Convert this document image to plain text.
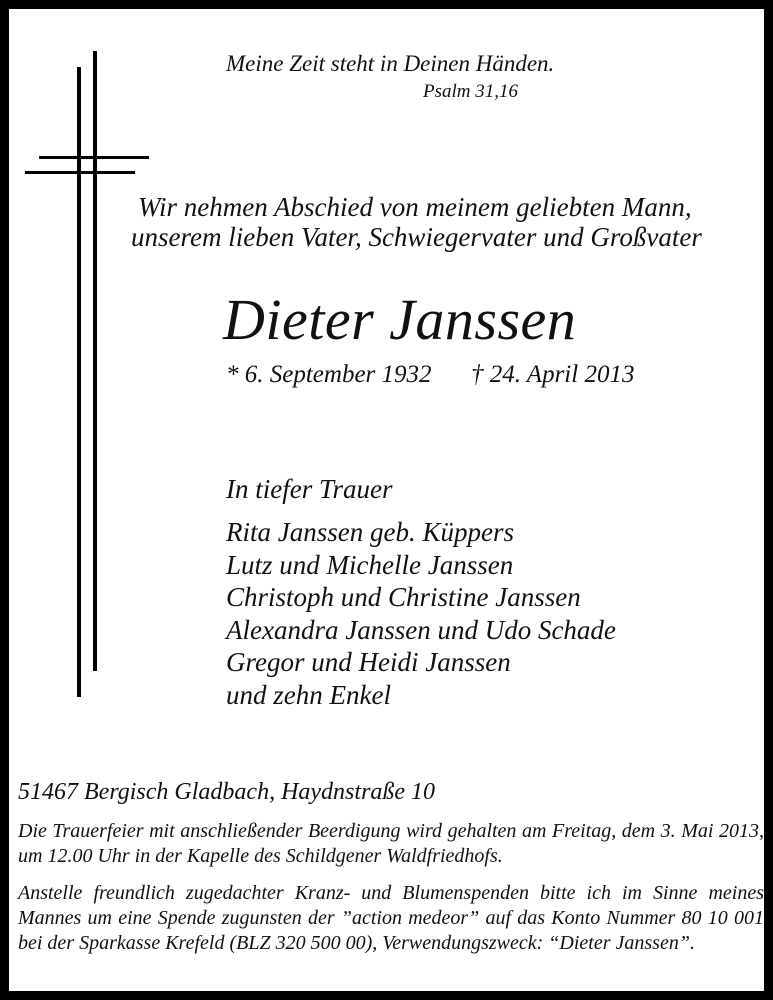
Meine Zeit steht in Deinen Händen.
Psalm 31,16
Wir nehmen Abschied von meinem geliebten Mann,
unserem lieben Vater, Schwiegervater und Großvater
Dieter Janssen
* 6. September 1932 † 24. April 2013
In tiefer Trauer
Rita Janssen geb. Küppers
Lutz und Michelle Janssen
Christoph und Christine Janssen
Alexandra Janssen und Udo Schade
Gregor und Heidi Janssen
und zehn Enkel
51467 Bergisch Gladbach, Haydnstraße 10

Die Trauerfeier mit anschließender Beerdigung wird gehalten am Freitag, dem 3. Mai 2013, um 12.00 Uhr in der Kapelle des Schildgener Waldfriedhofs.

Anstelle freundlich zugedachter Kranz- und Blumenspenden bitte ich im Sinne meines Mannes um eine Spende zugunsten der ”action medeor” auf das Konto Nummer 80 10 001 bei der Sparkasse Krefeld (BLZ 320 500 00), Verwendungszweck: “Dieter Janssen”.
